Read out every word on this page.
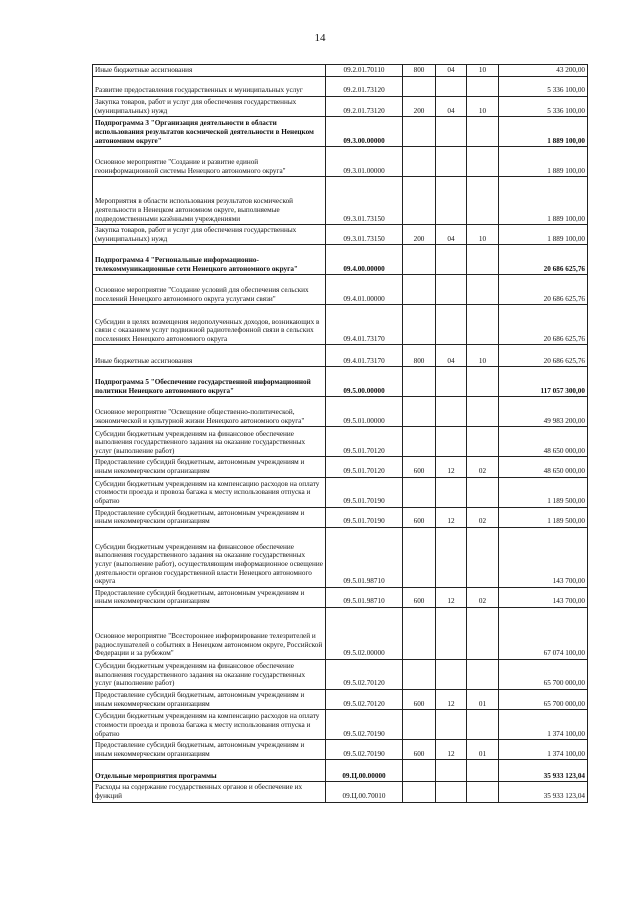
14
Иные бюджетные ассигнования	09.2.01.70110	800	04	10	43 200,00
Развитие предоставления государственных и муниципальных услуг	09.2.01.73120				5 336 100,00
Закупка товаров, работ и услуг для обеспечения государственных (муниципальных) нужд	09.2.01.73120	200	04	10	5 336 100,00
Подпрограмма 3 "Организация деятельности в области использования результатов космической деятельности в Ненецком автономном округе"	09.3.00.00000				1 889 100,00
Основное мероприятие "Создание и развитие единой геоинформационной системы Ненецкого автономного округа"	09.3.01.00000				1 889 100,00
Мероприятия в области использования результатов космической деятельности в Ненецком автономном округе, выполняемые подведомственными казёнными учреждениями	09.3.01.73150				1 889 100,00
Закупка товаров, работ и услуг для обеспечения государственных (муниципальных) нужд	09.3.01.73150	200	04	10	1 889 100,00
Подпрограмма 4 "Региональные информационно-телекоммуникационные сети Ненецкого автономного округа"	09.4.00.00000				20 686 625,76
Основное мероприятие "Создание условий для обеспечения сельских поселений Ненецкого автономного округа услугами связи"	09.4.01.00000				20 686 625,76
Субсидии в целях возмещения недополученных доходов, возникающих в связи с оказанием услуг подвижной радиотелефонной связи в сельских поселениях Ненецкого автономного округа	09.4.01.73170				20 686 625,76
Иные бюджетные ассигнования	09.4.01.73170	800	04	10	20 686 625,76
Подпрограмма 5 "Обеспечение государственной информационной политики Ненецкого автономного округа"	09.5.00.00000				117 057 300,00
Основное мероприятие "Освещение общественно-политической, экономической и культурной жизни Ненецкого автономного округа"	09.5.01.00000				49 983 200,00
Субсидии бюджетным учреждениям на финансовое обеспечение выполнения государственного задания на оказание государственных услуг (выполнение работ)	09.5.01.70120				48 650 000,00
Предоставление субсидий бюджетным, автономным учреждениям и иным некоммерческим организациям	09.5.01.70120	600	12	02	48 650 000,00
Субсидии бюджетным учреждениям на компенсацию расходов на оплату стоимости проезда и провоза багажа к месту использования отпуска и обратно	09.5.01.70190				1 189 500,00
Предоставление субсидий бюджетным, автономным учреждениям и иным некоммерческим организациям	09.5.01.70190	600	12	02	1 189 500,00
Субсидии бюджетным учреждениям на финансовое обеспечение выполнения государственного задания на оказание государственных услуг (выполнение работ), осуществляющим информационное освещение деятельности органов государственной власти Ненецкого автономного округа	09.5.01.98710				143 700,00
Предоставление субсидий бюджетным, автономным учреждениям и иным некоммерческим организациям	09.5.01.98710	600	12	02	143 700,00
Основное мероприятие "Всестороннее информирование телезрителей и радиослушателей о событиях в Ненецком автономном округе, Российской Федерации и за рубежом"	09.5.02.00000				67 074 100,00
Субсидии бюджетным учреждениям на финансовое обеспечение выполнения государственного задания на оказание государственных услуг (выполнение работ)	09.5.02.70120				65 700 000,00
Предоставление субсидий бюджетным, автономным учреждениям и иным некоммерческим организациям	09.5.02.70120	600	12	01	65 700 000,00
Субсидии бюджетным учреждениям на компенсацию расходов на оплату стоимости проезда и провоза багажа к месту использования отпуска и обратно	09.5.02.70190				1 374 100,00
Предоставление субсидий бюджетным, автономным учреждениям и иным некоммерческим организациям	09.5.02.70190	600	12	01	1 374 100,00
Отдельные мероприятия программы	09.Ц.00.00000				35 933 123,04
Расходы на содержание государственных органов и обеспечение их функций	09.Ц.00.70010				35 933 123,04
